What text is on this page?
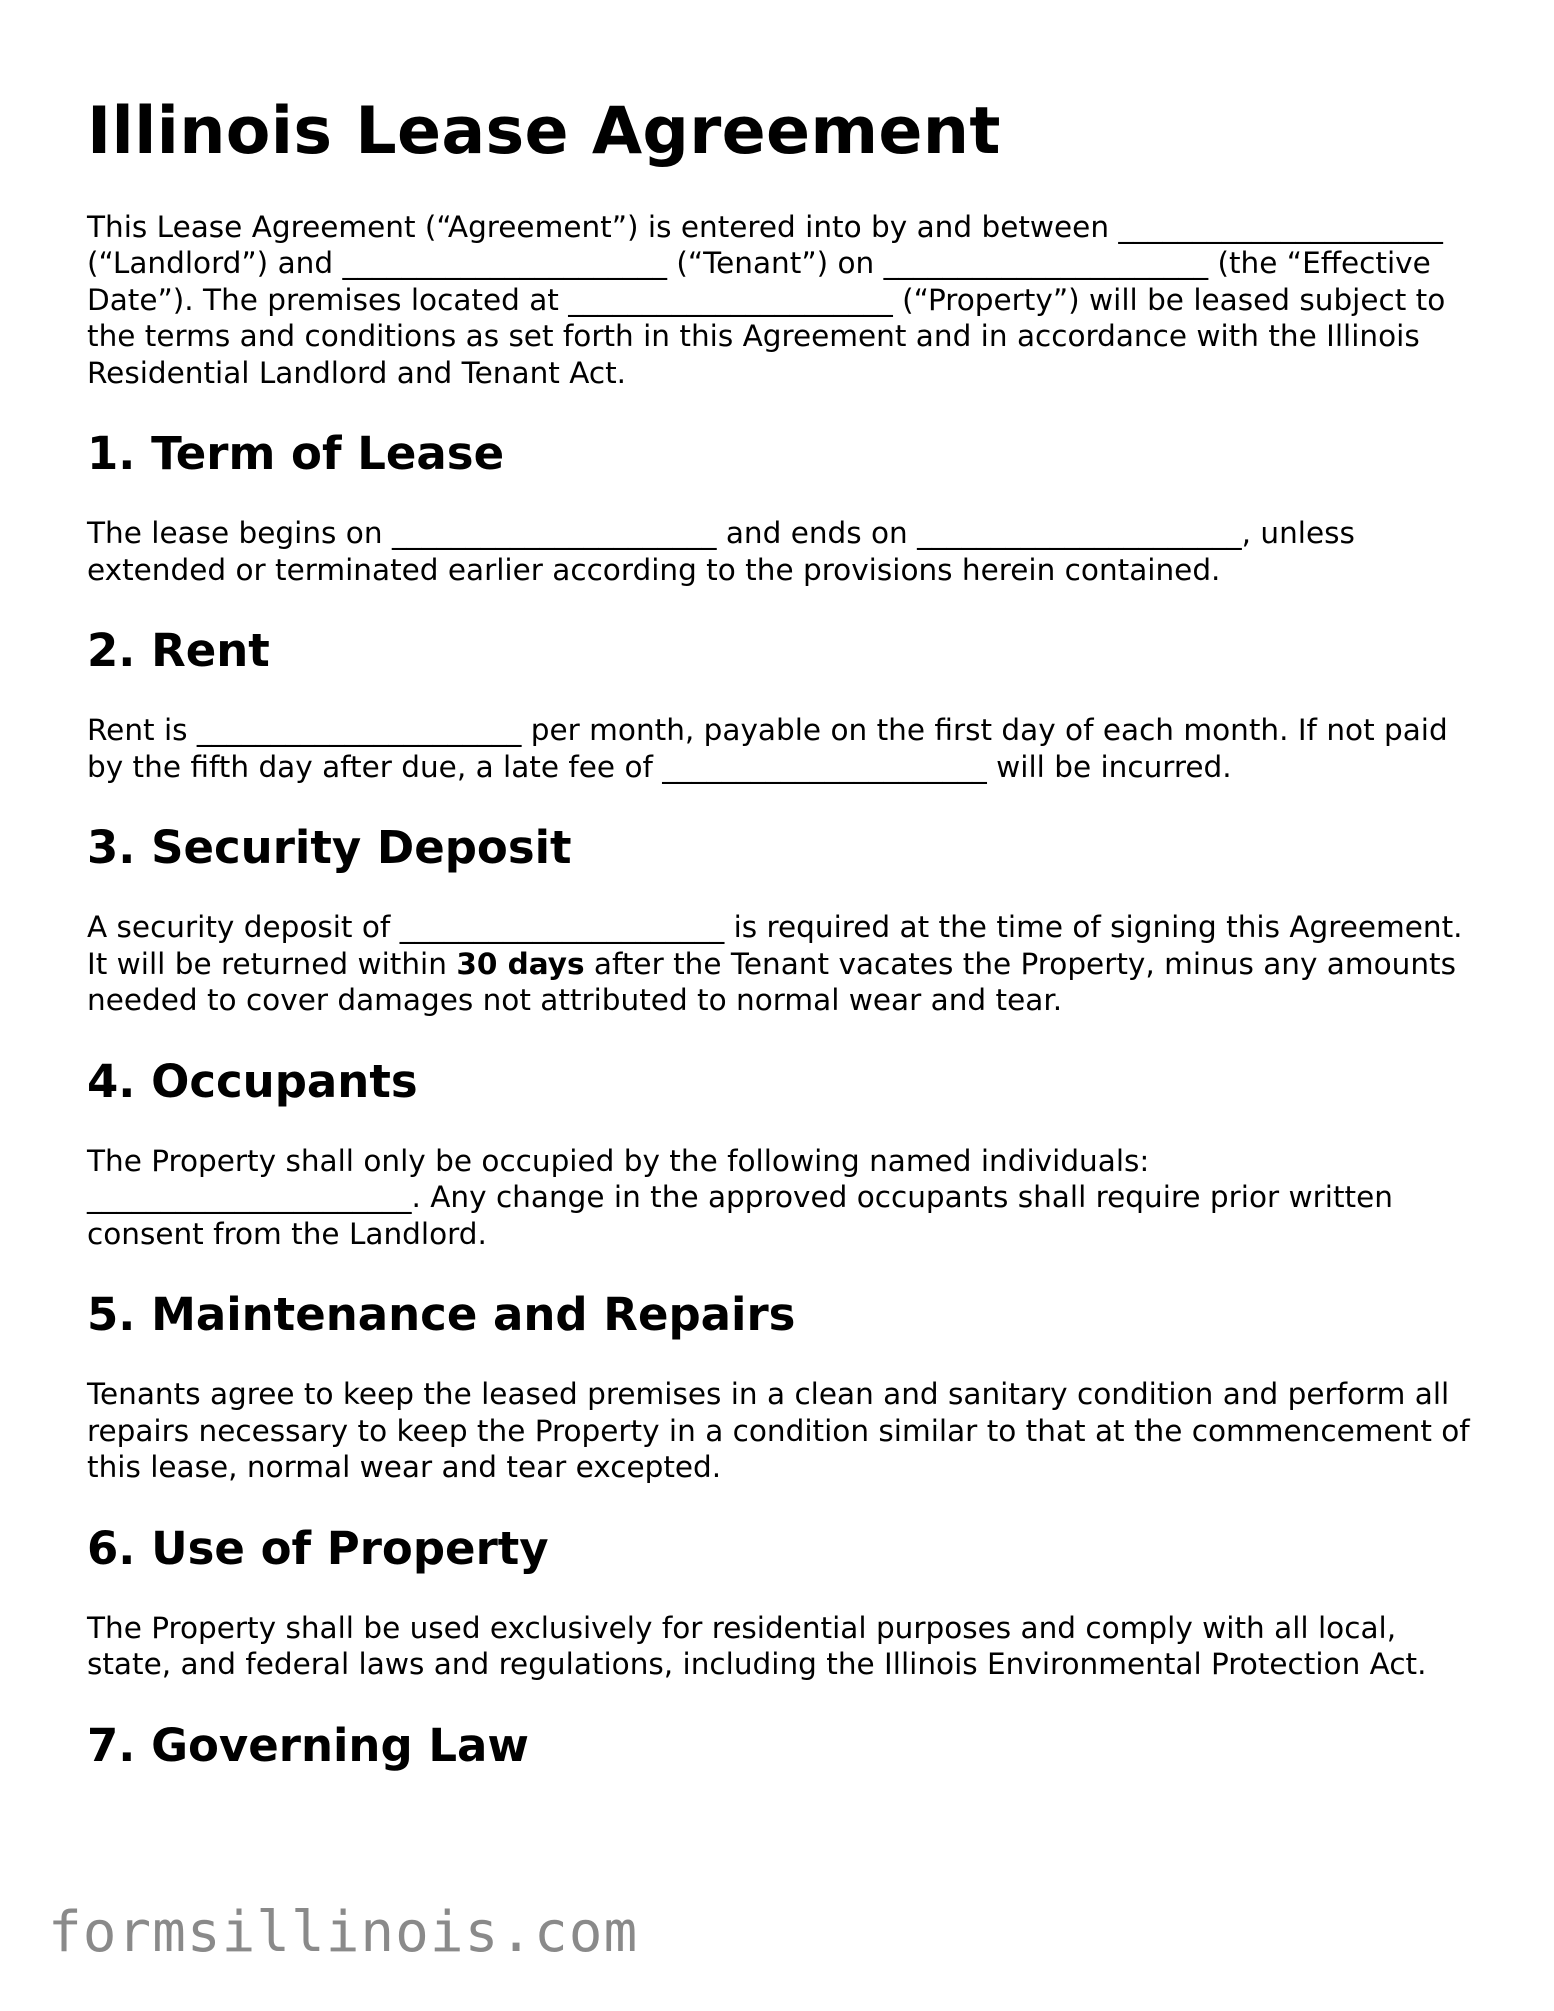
Illinois Lease Agreement

This Lease Agreement (“Agreement”) is entered into by and between ______________________ (“Landlord”) and ______________________ (“Tenant”) on ______________________ (the “Effective Date”). The premises located at ______________________ (“Property”) will be leased subject to the terms and conditions as set forth in this Agreement and in accordance with the Illinois Residential Landlord and Tenant Act.

1. Term of Lease

The lease begins on ______________________ and ends on ______________________, unless extended or terminated earlier according to the provisions herein contained.

2. Rent

Rent is ______________________ per month, payable on the first day of each month. If not paid by the fifth day after due, a late fee of ______________________ will be incurred.

3. Security Deposit

A security deposit of ______________________ is required at the time of signing this Agreement. It will be returned within 30 days after the Tenant vacates the Property, minus any amounts needed to cover damages not attributed to normal wear and tear.

4. Occupants

The Property shall only be occupied by the following named individuals: ______________________. Any change in the approved occupants shall require prior written consent from the Landlord.

5. Maintenance and Repairs

Tenants agree to keep the leased premises in a clean and sanitary condition and perform all repairs necessary to keep the Property in a condition similar to that at the commencement of this lease, normal wear and tear excepted.

6. Use of Property

The Property shall be used exclusively for residential purposes and comply with all local, state, and federal laws and regulations, including the Illinois Environmental Protection Act.

7. Governing Law
formsillinois.com
